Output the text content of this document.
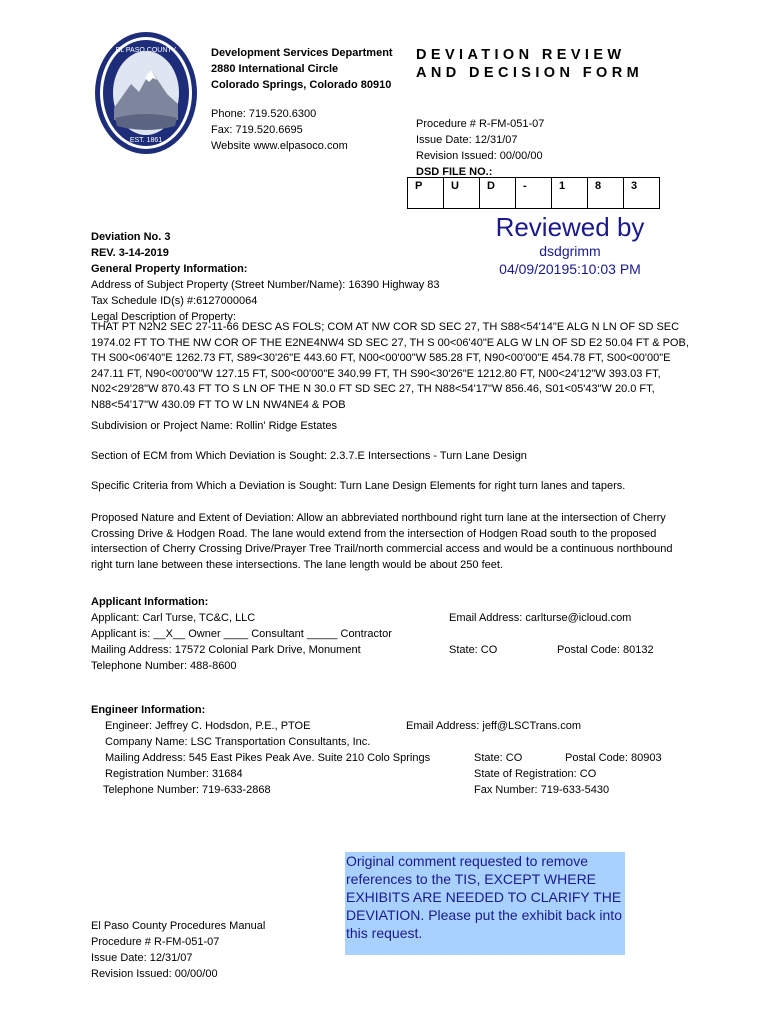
EL PASO COUNTY
EST. 1861
Development Services Department
2880 International Circle
Colorado Springs, Colorado 80910
DEVIATION REVIEW
AND DECISION FORM
Phone: 719.520.6300
Fax: 719.520.6695
Website www.elpasoco.com
Procedure # R-FM-051-07
Issue Date: 12/31/07
Revision Issued: 00/00/00
DSD FILE NO.:
P	U	D	-	1	8	3
Reviewed by
dsdgrimm
04/09/20195:10:03 PM
Deviation No. 3
REV. 3-14-2019
General Property Information:
Address of Subject Property (Street Number/Name): 16390 Highway 83
Tax Schedule ID(s) #:6127000064
Legal Description of Property:
THAT PT N2N2 SEC 27-11-66 DESC AS FOLS; COM AT NW COR SD SEC 27, TH S88<54'14"E ALG N LN OF SD SEC 1974.02 FT TO THE NW COR OF THE E2NE4NW4 SD SEC 27, TH S 00<06'40"E ALG W LN OF SD E2 50.04 FT & POB, TH S00<06'40"E 1262.73 FT, S89<30'26"E 443.60 FT, N00<00'00"W 585.28 FT, N90<00'00"E 454.78 FT, S00<00'00"E 247.11 FT, N90<00'00"W 127.15 FT, S00<00'00"E 340.99 FT, TH S90<30'26"E 1212.80 FT, N00<24'12"W 393.03 FT, N02<29'28"W 870.43 FT TO S LN OF THE N 30.0 FT SD SEC 27, TH N88<54'17"W 856.46, S01<05'43"W 20.0 FT, N88<54'17"W 430.09 FT TO W LN NW4NE4 & POB
Subdivision or Project Name: Rollin' Ridge Estates
Section of ECM from Which Deviation is Sought: 2.3.7.E Intersections - Turn Lane Design
Specific Criteria from Which a Deviation is Sought: Turn Lane Design Elements for right turn lanes and tapers.
Proposed Nature and Extent of Deviation: Allow an abbreviated northbound right turn lane at the intersection of Cherry Crossing Drive & Hodgen Road. The lane would extend from the intersection of Hodgen Road south to the proposed intersection of Cherry Crossing Drive/Prayer Tree Trail/north commercial access and would be a continuous northbound right turn lane between these intersections. The lane length would be about 250 feet.
Applicant Information:
Applicant: Carl Turse, TC&C, LLC	Email Address: carlturse@icloud.com
Applicant is: __X__ Owner ____ Consultant _____ Contractor
Mailing Address: 17572 Colonial Park Drive, Monument	State: CO	Postal Code: 80132
Telephone Number: 488-8600
Engineer Information:
Engineer: Jeffrey C. Hodsdon, P.E., PTOE	Email Address: jeff@LSCTrans.com
Company Name: LSC Transportation Consultants, Inc.
Mailing Address: 545 East Pikes Peak Ave. Suite 210 Colo Springs	State: CO	Postal Code: 80903
Registration Number: 31684	State of Registration: CO
Telephone Number: 719-633-2868	Fax Number: 719-633-5430
Original comment requested to remove references to the TIS, EXCEPT WHERE EXHIBITS ARE NEEDED TO CLARIFY THE DEVIATION. Please put the exhibit back into this request.
El Paso County Procedures Manual
Procedure # R-FM-051-07
Issue Date: 12/31/07
Revision Issued: 00/00/00
